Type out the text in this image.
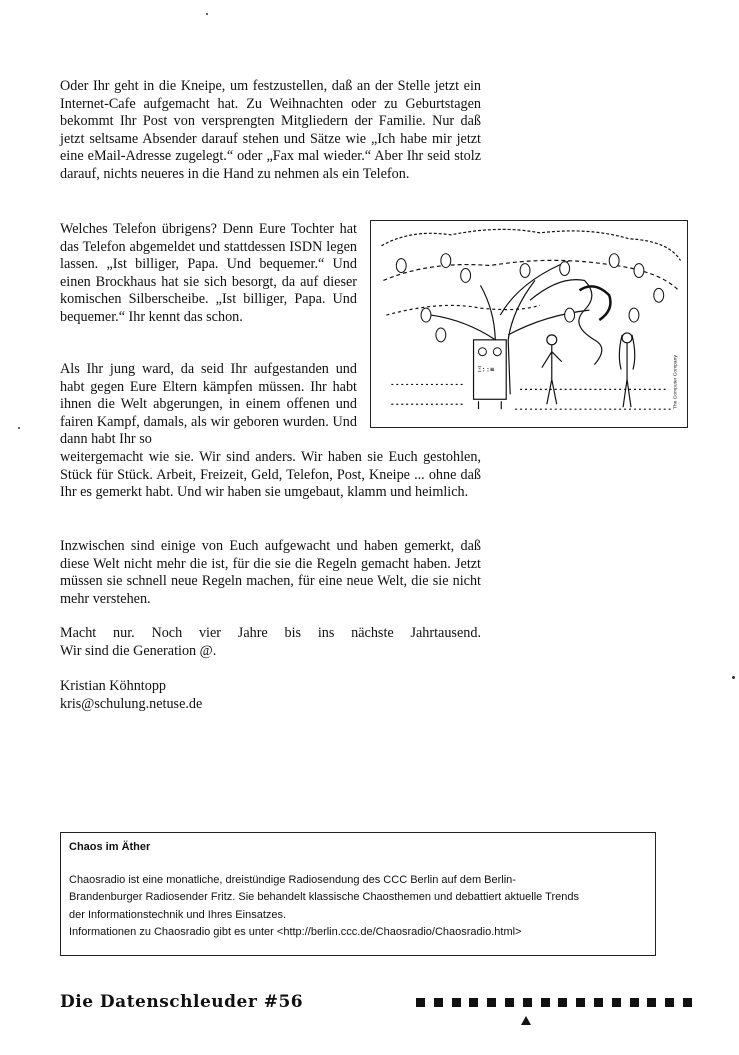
Oder Ihr geht in die Kneipe, um festzustellen, daß an der Stelle jetzt ein Internet-Cafe aufgemacht hat. Zu Weihnachten oder zu Geburtstagen bekommt Ihr Post von versprengten Mitgliedern der Familie. Nur daß jetzt seltsame Absender darauf stehen und Sätze wie „Ich habe mir jetzt eine eMail-Adresse zugelegt.“ oder „Fax mal wieder.“ Aber Ihr seid stolz darauf, nichts neueres in die Hand zu nehmen als ein Telefon.

Welches Telefon übrigens? Denn Eure Tochter hat das Telefon abgemeldet und stattdessen ISDN legen lassen. „Ist billiger, Papa. Und bequemer.“ Und einen Brockhaus hat sie sich besorgt, da auf dieser komischen Silberscheibe. „Ist billiger, Papa. Und bequemer.“ Ihr kennt das schon.

Als Ihr jung ward, da seid Ihr aufgestanden und habt gegen Eure Eltern kämpfen müssen. Ihr habt ihnen die Welt abgerungen, in einem offenen und fairen Kampf, damals, als wir geboren wurden. Und dann habt Ihr so

weitergemacht wie sie. Wir sind anders. Wir haben sie Euch gestohlen, Stück für Stück. Arbeit, Freizeit, Geld, Telefon, Post, Kneipe ... ohne daß Ihr es gemerkt habt. Und wir haben sie umgebaut, klamm und heimlich.

Inzwischen sind einige von Euch aufgewacht und haben gemerkt, daß diese Welt nicht mehr die ist, für die sie die Regeln gemacht haben. Jetzt müssen sie schnell neue Regeln machen, für eine neue Welt, die sie nicht mehr verstehen.

Macht nur. Noch vier Jahre bis ins nächste Jahrtausend.

Wir sind die Generation @.

Kristian Köhntopp

kris@schulung.netuse.de

Ξ::≡	The Computer Company
Chaos im Äther
Chaosradio ist eine monatliche, dreistündige Radiosendung des CCC Berlin auf dem Berlin-
Brandenburger Radiosender Fritz. Sie behandelt klassische Chaosthemen und debattiert aktuelle Trends
der Informationstechnik und Ihres Einsatzes.
Informationen zu Chaosradio gibt es unter <http://berlin.ccc.de/Chaosradio/Chaosradio.html>
Die Datenschleuder #56
